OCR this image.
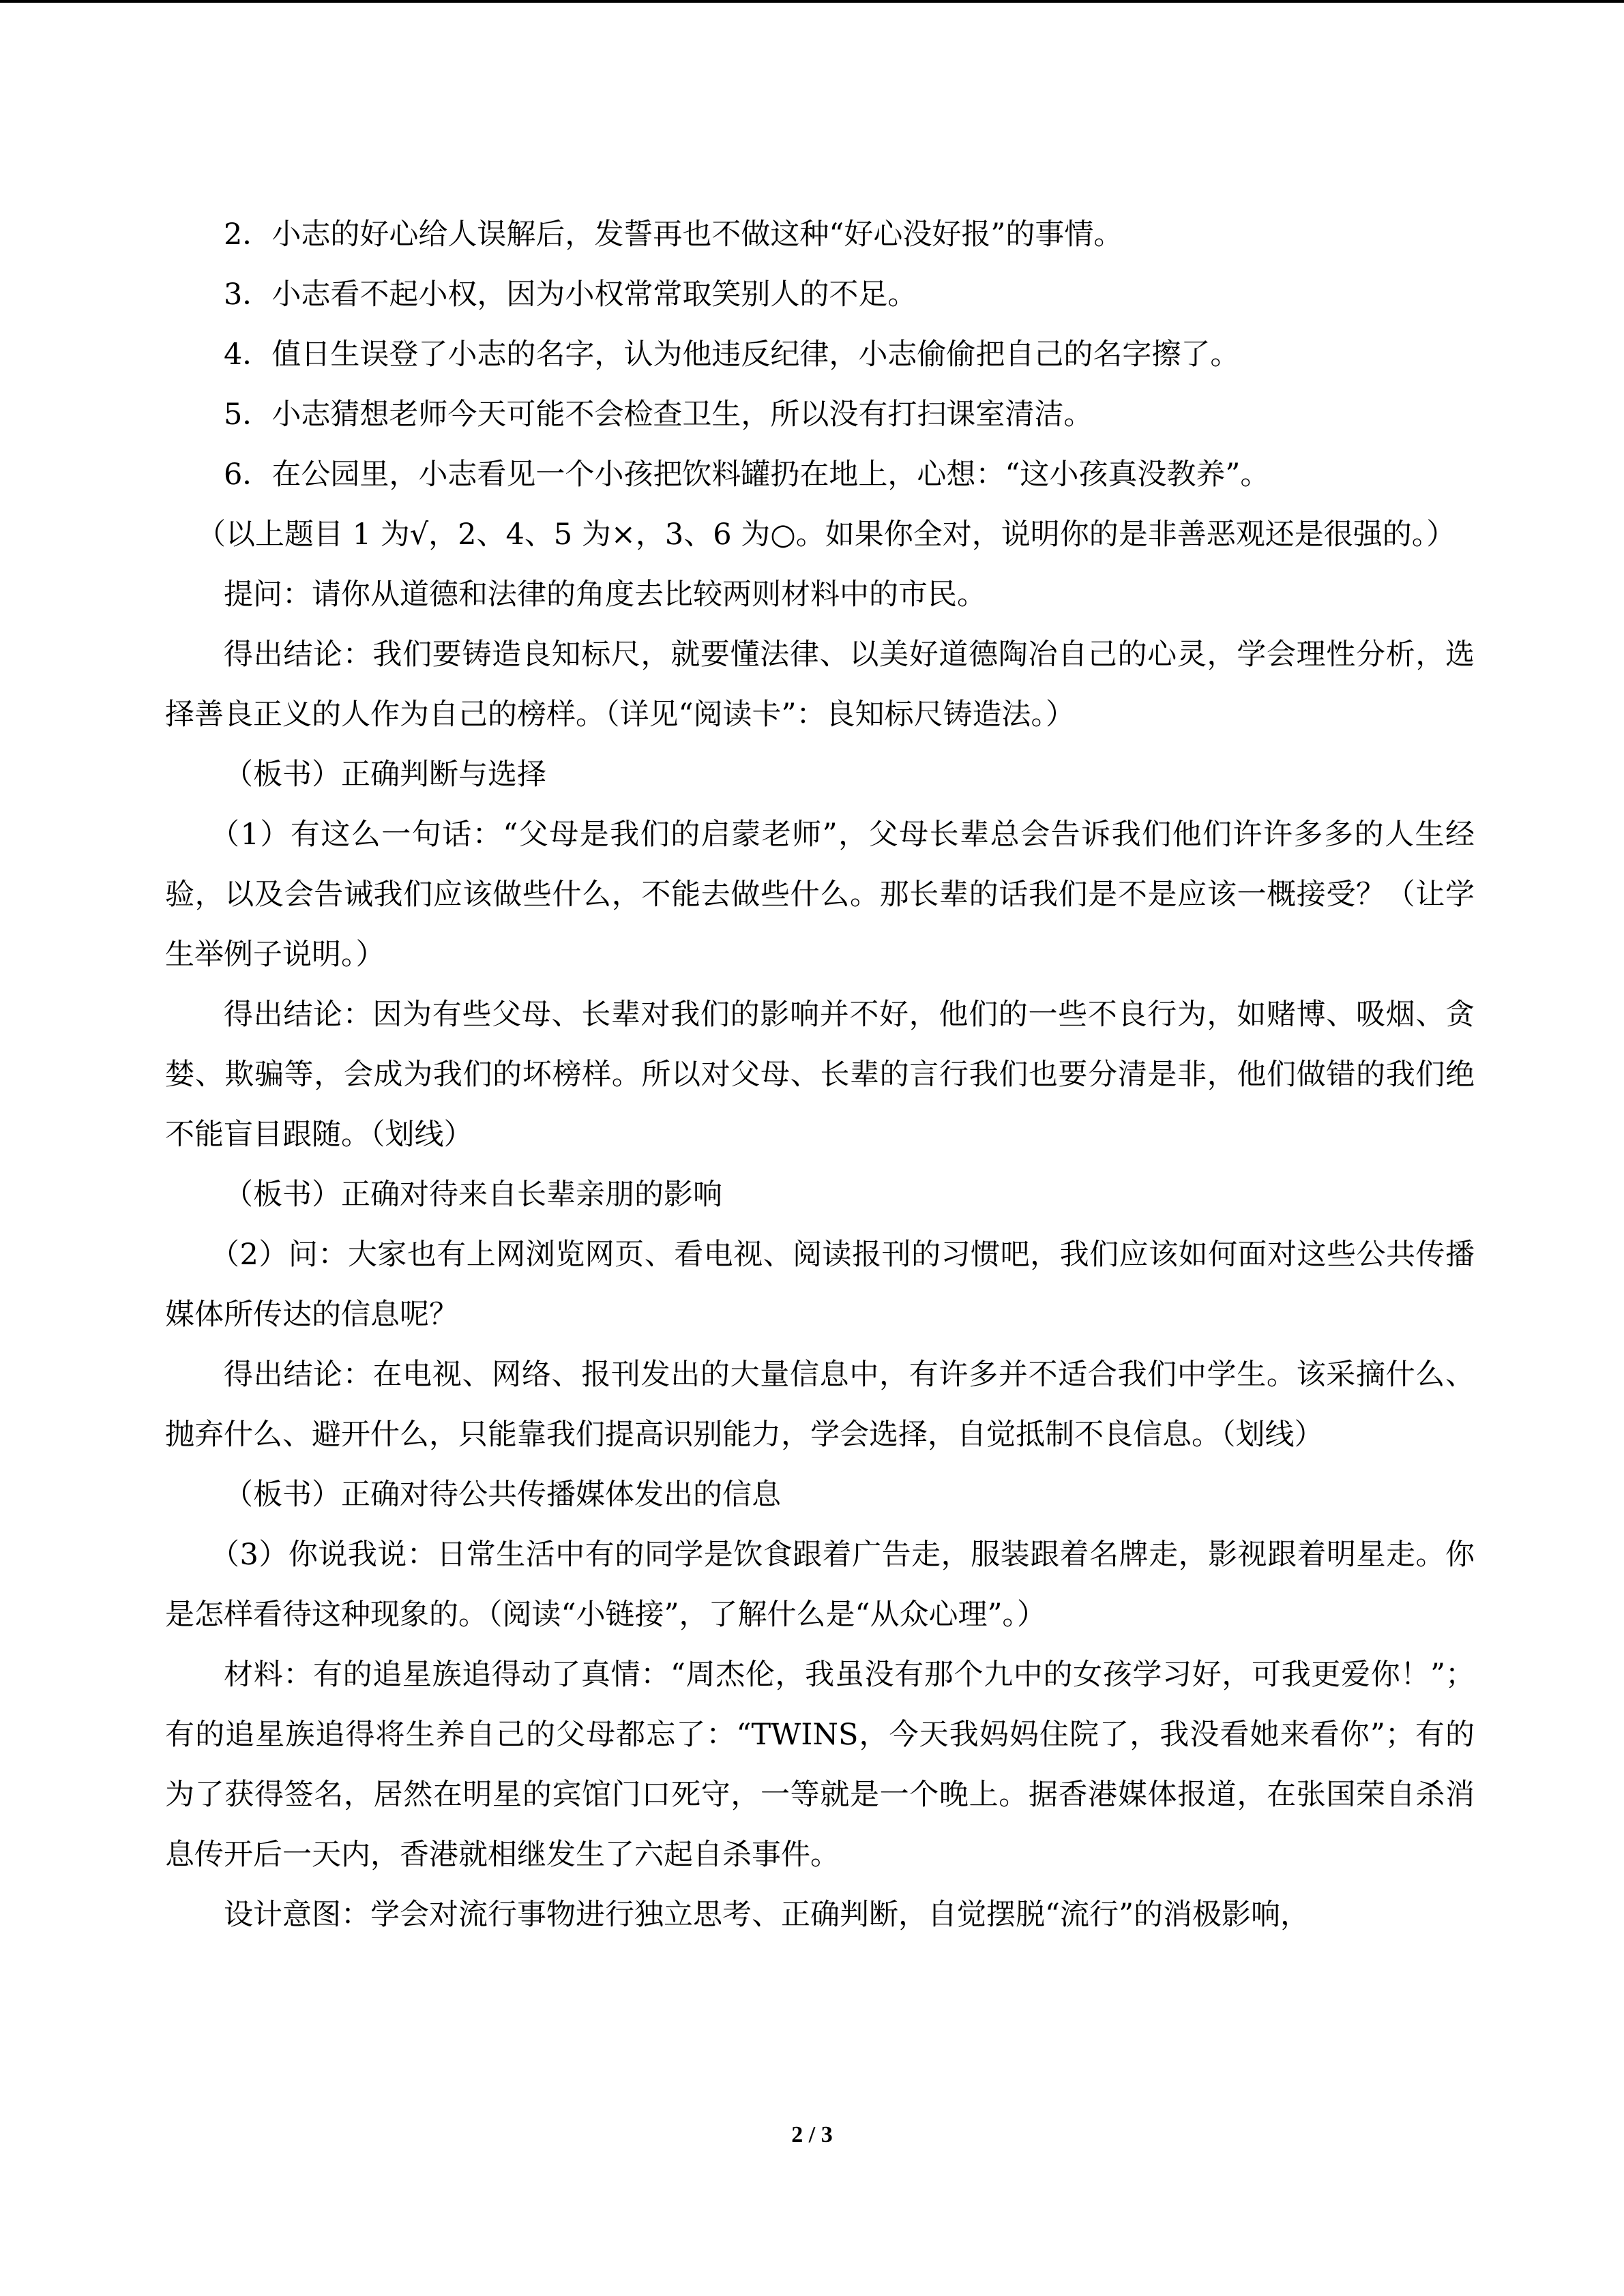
2．小志的好心给人误解后，发誓再也不做这种“好心没好报”的事情。

3．小志看不起小权，因为小权常常取笑别人的不足。

4．值日生误登了小志的名字，认为他违反纪律，小志偷偷把自己的名字擦了。

5．小志猜想老师今天可能不会检查卫生，所以没有打扫课室清洁。

6．在公园里，小志看见一个小孩把饮料罐扔在地上，心想：“这小孩真没教养”。

（以上题目 1 为√，2、4、5 为×，3、6 为○。如果你全对，说明你的是非善恶观还是很强的。）

提问：请你从道德和法律的角度去比较两则材料中的市民。

得出结论：我们要铸造良知标尺，就要懂法律、以美好道德陶冶自己的心灵，学会理性分析，选择善良正义的人作为自己的榜样。（详见“阅读卡”：良知标尺铸造法。）

（板书）正确判断与选择

（1）有这么一句话：“父母是我们的启蒙老师”，父母长辈总会告诉我们他们许许多多的人生经验，以及会告诫我们应该做些什么，不能去做些什么。那长辈的话我们是不是应该一概接受？（让学生举例子说明。）

得出结论：因为有些父母、长辈对我们的影响并不好，他们的一些不良行为，如赌博、吸烟、贪婪、欺骗等，会成为我们的坏榜样。所以对父母、长辈的言行我们也要分清是非，他们做错的我们绝不能盲目跟随。（划线）

（板书）正确对待来自长辈亲朋的影响

（2）问：大家也有上网浏览网页、看电视、阅读报刊的习惯吧，我们应该如何面对这些公共传播媒体所传达的信息呢？

得出结论：在电视、网络、报刊发出的大量信息中，有许多并不适合我们中学生。该采摘什么、抛弃什么、避开什么，只能靠我们提高识别能力，学会选择，自觉抵制不良信息。（划线）

（板书）正确对待公共传播媒体发出的信息

（3）你说我说：日常生活中有的同学是饮食跟着广告走，服装跟着名牌走，影视跟着明星走。你是怎样看待这种现象的。（阅读“小链接”，了解什么是“从众心理”。）

材料：有的追星族追得动了真情：“周杰伦，我虽没有那个九中的女孩学习好，可我更爱你！”；有的追星族追得将生养自己的父母都忘了：“TWINS，今天我妈妈住院了，我没看她来看你”；有的为了获得签名，居然在明星的宾馆门口死守，一等就是一个晚上。据香港媒体报道，在张国荣自杀消息传开后一天内，香港就相继发生了六起自杀事件。

设计意图：学会对流行事物进行独立思考、正确判断，自觉摆脱“流行”的消极影响，

2 / 3
